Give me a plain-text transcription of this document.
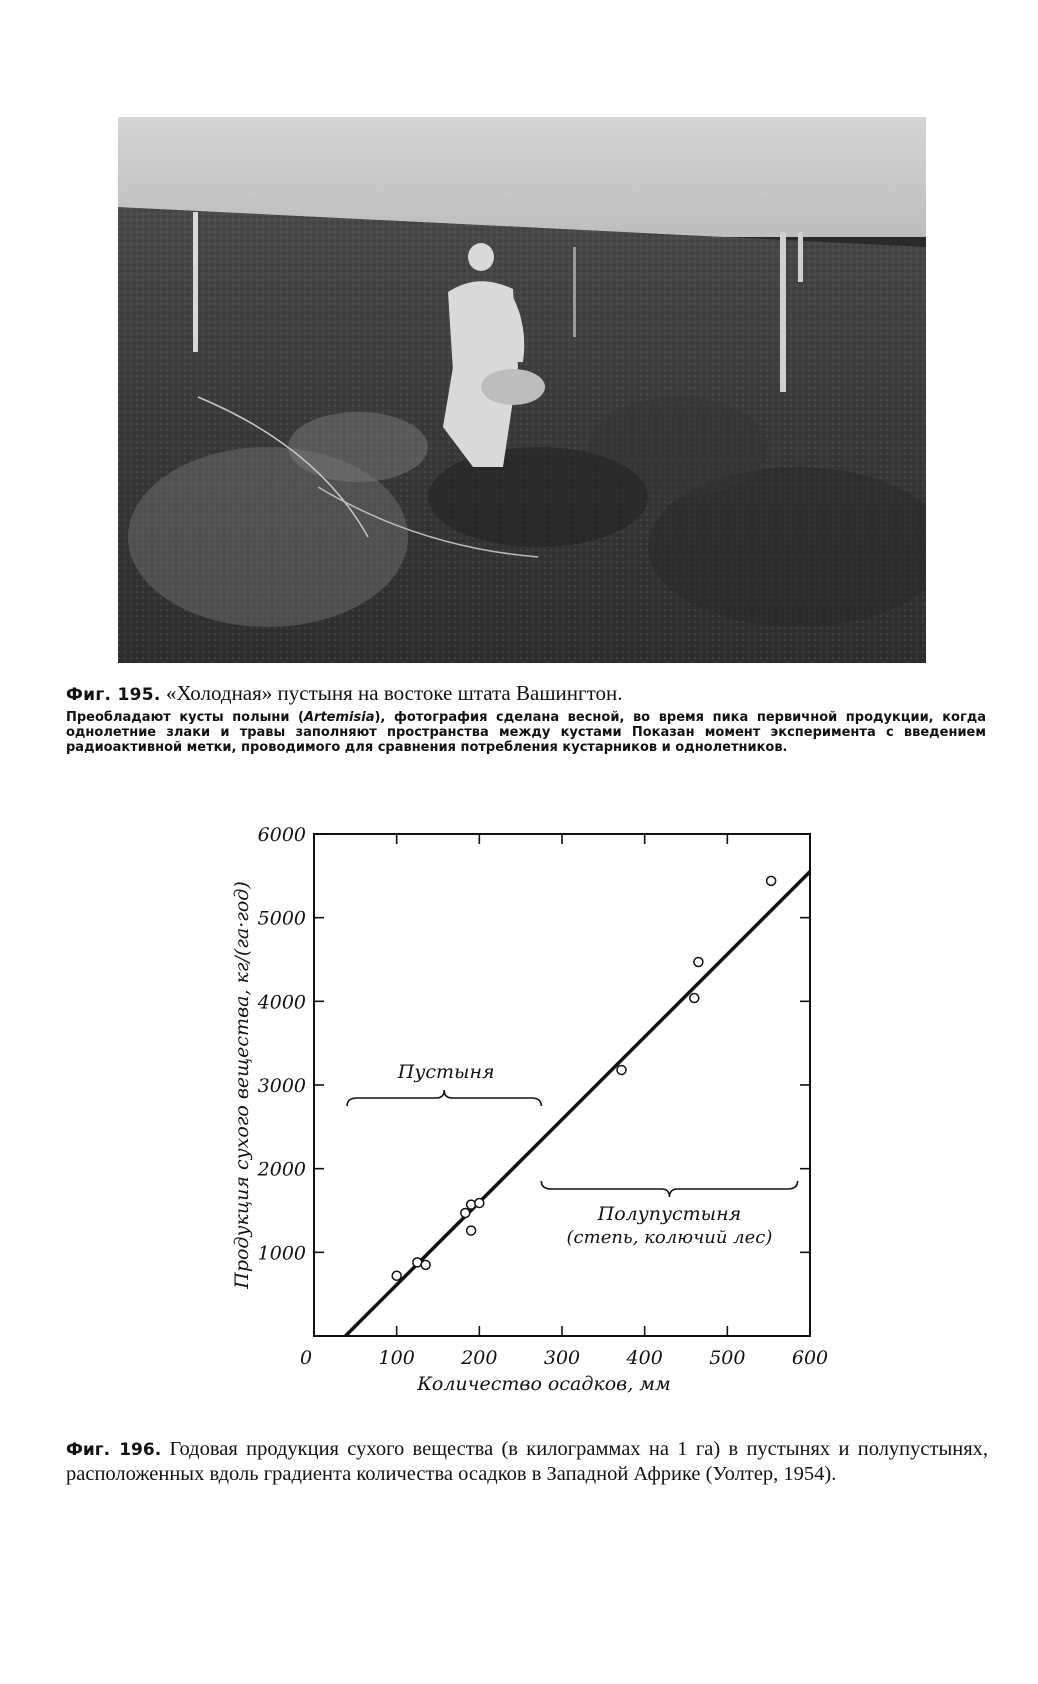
Фиг. 195. «Холодная» пустыня на востоке штата Вашингтон.
Преобладают кусты полыни (Artemisia), фотография сделана весной, во время пика первичной продукции, когда однолетние злаки и травы заполняют пространства между кустами Показан момент эксперимента с введением радиоактивной метки, проводимого для сравнения потребления кустарников и однолетников.
1000
2000
3000
4000
5000
6000
0	100 200 300 400 500 600
Пустыня
Полупустыня
(степь, колючий лес)
Количество осадков, мм
Продукция сухого вещества, кг/(га·год)
Фиг. 196. Годовая продукция сухого вещества (в килограммах на 1 га) в пустынях и полупустынях, расположенных вдоль градиента количества осадков в Западной Африке (Уолтер, 1954).
